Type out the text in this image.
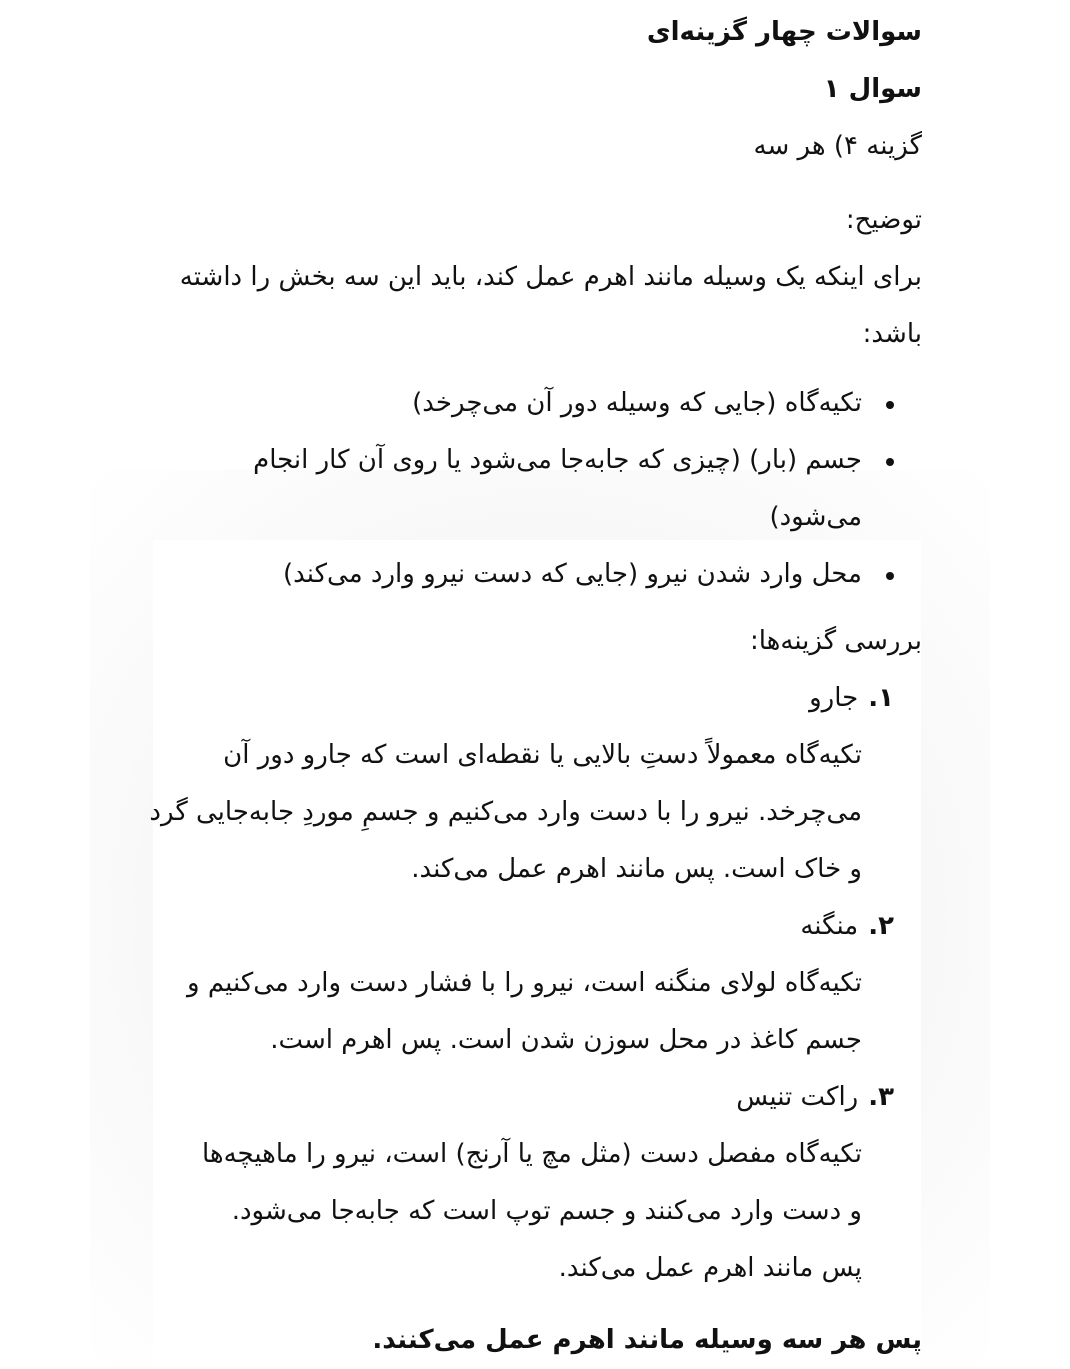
سوالات چهار گزینه‌ای

سوال ۱

گزینه ۴) هر سه

توضیح:

برای اینکه یک وسیله مانند اهرم عمل کند، باید این سه بخش را داشته باشد:

تکیه‌گاه (جایی که وسیله دور آن می‌چرخد)
جسم (بار) (چیزی که جابه‌جا می‌شود یا روی آن کار انجام می‌شود)
محل وارد شدن نیرو (جایی که دست نیرو وارد می‌کند)

بررسی گزینه‌ها:

۱.جارو
تکیه‌گاه معمولاً دستِ بالایی یا نقطه‌ای است که جارو دور آن می‌چرخد. نیرو را با دست وارد می‌کنیم و جسمِ موردِ جابه‌جایی گرد و خاک است. پس مانند اهرم عمل می‌کند.
۲.منگنه
تکیه‌گاه لولای منگنه است، نیرو را با فشار دست وارد می‌کنیم و جسم کاغذ در محل سوزن شدن است. پس اهرم است.
۳.راکت تنیس
تکیه‌گاه مفصل دست (مثل مچ یا آرنج) است، نیرو را ماهیچه‌ها و دست وارد می‌کنند و جسم توپ است که جابه‌جا می‌شود. پس مانند اهرم عمل می‌کند.

پس هر سه وسیله مانند اهرم عمل می‌کنند.
